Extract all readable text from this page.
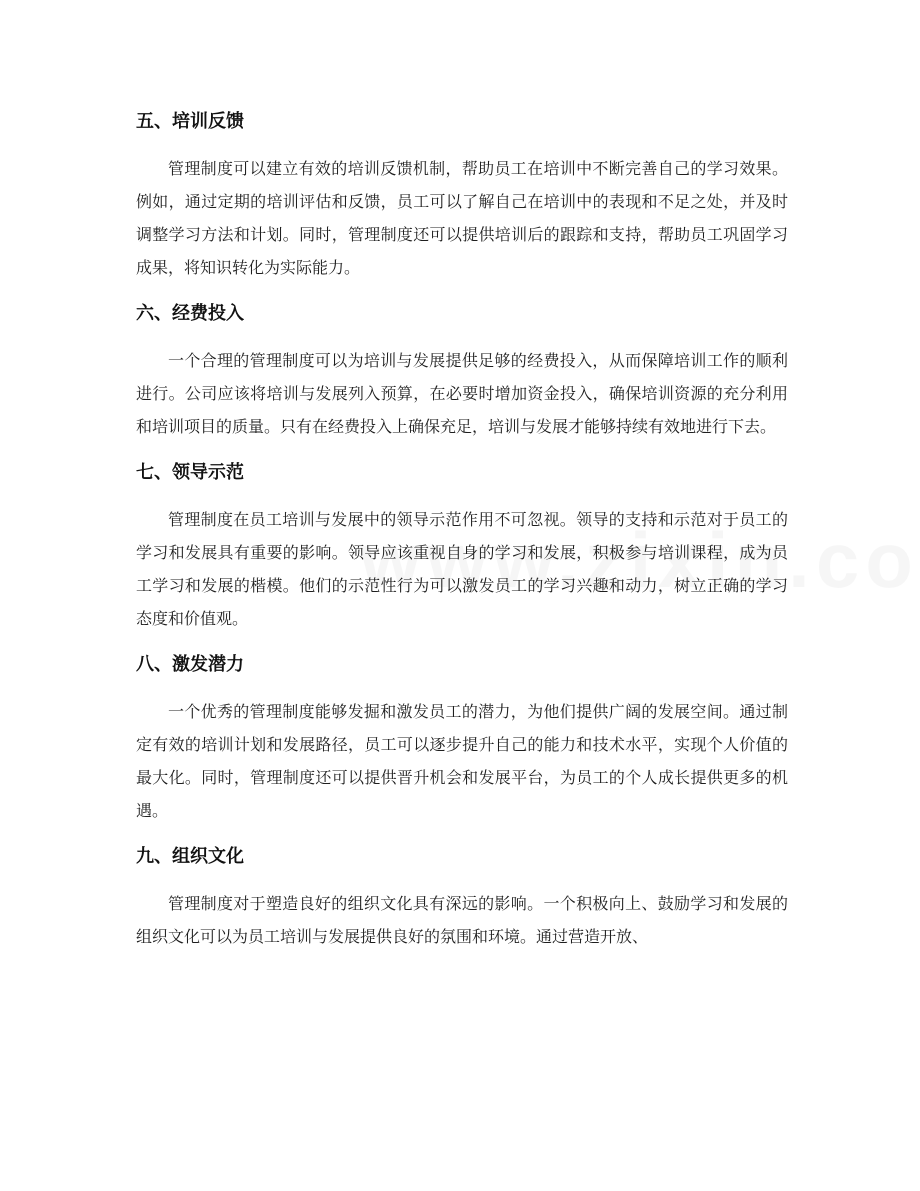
五、培训反馈

管理制度可以建立有效的培训反馈机制，帮助员工在培训中不断完善自己的学习效果。例如，通过定期的培训评估和反馈，员工可以了解自己在培训中的表现和不足之处，并及时调整学习方法和计划。同时，管理制度还可以提供培训后的跟踪和支持，帮助员工巩固学习成果，将知识转化为实际能力。

六、经费投入

一个合理的管理制度可以为培训与发展提供足够的经费投入，从而保障培训工作的顺利进行。公司应该将培训与发展列入预算，在必要时增加资金投入，确保培训资源的充分利用和培训项目的质量。只有在经费投入上确保充足，培训与发展才能够持续有效地进行下去。

七、领导示范

管理制度在员工培训与发展中的领导示范作用不可忽视。领导的支持和示范对于员工的学习和发展具有重要的影响。领导应该重视自身的学习和发展，积极参与培训课程，成为员工学习和发展的楷模。他们的示范性行为可以激发员工的学习兴趣和动力，树立正确的学习态度和价值观。

八、激发潜力

一个优秀的管理制度能够发掘和激发员工的潜力，为他们提供广阔的发展空间。通过制定有效的培训计划和发展路径，员工可以逐步提升自己的能力和技术水平，实现个人价值的最大化。同时，管理制度还可以提供晋升机会和发展平台，为员工的个人成长提供更多的机遇。

九、组织文化

管理制度对于塑造良好的组织文化具有深远的影响。一个积极向上、鼓励学习和发展的组织文化可以为员工培训与发展提供良好的氛围和环境。通过营造开放、
